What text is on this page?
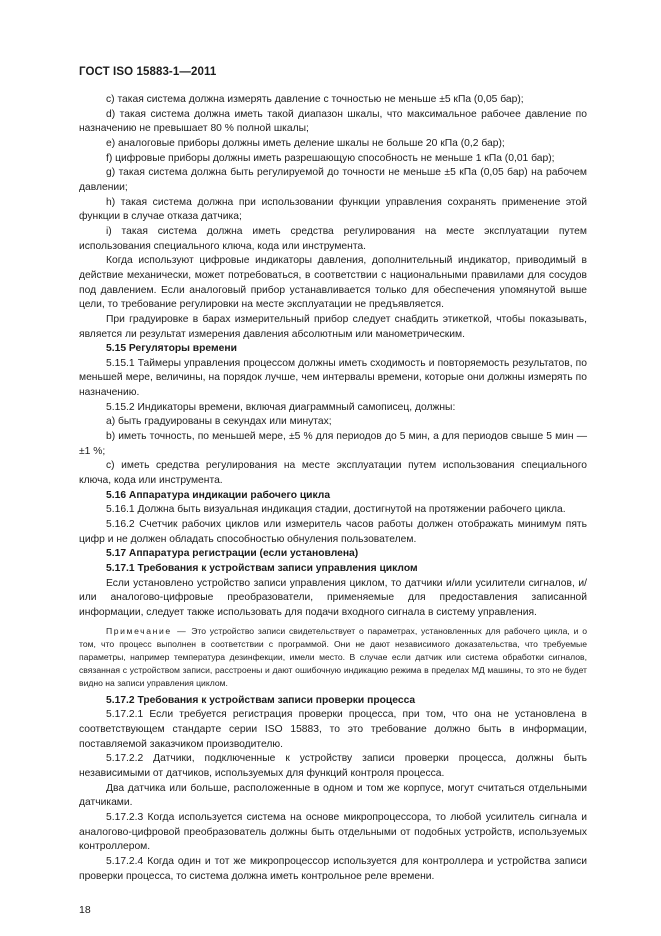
ГОСТ ISO 15883-1—2011

c) такая система должна измерять давление с точностью не меньше ±5 кПа (0,05 бар);

d) такая система должна иметь такой диапазон шкалы, что максимальное рабочее давление по назначению не превышает 80 % полной шкалы;

e) аналоговые приборы должны иметь деление шкалы не больше 20 кПа (0,2 бар);

f) цифровые приборы должны иметь разрешающую способность не меньше 1 кПа (0,01 бар);

g) такая система должна быть регулируемой до точности не меньше ±5 кПа (0,05 бар) на рабочем давлении;

h) такая система должна при использовании функции управления сохранять применение этой функции в случае отказа датчика;

i) такая система должна иметь средства регулирования на месте эксплуатации путем использования специального ключа, кода или инструмента.

Когда используют цифровые индикаторы давления, дополнительный индикатор, приводимый в действие механически, может потребоваться, в соответствии с национальными правилами для сосудов под давлением. Если аналоговый прибор устанавливается только для обеспечения упомянутой выше цели, то требование регулировки на месте эксплуатации не предъявляется.

При градуировке в барах измерительный прибор следует снабдить этикеткой, чтобы показывать, является ли результат измерения давления абсолютным или манометрическим.

5.15 Регуляторы времени

5.15.1 Таймеры управления процессом должны иметь сходимость и повторяемость результатов, по меньшей мере, величины, на порядок лучше, чем интервалы времени, которые они должны измерять по назначению.

5.15.2 Индикаторы времени, включая диаграммный самописец, должны:

a) быть градуированы в секундах или минутах;

b) иметь точность, по меньшей мере, ±5 % для периодов до 5 мин, а для периодов свыше 5 мин — ±1 %;

c) иметь средства регулирования на месте эксплуатации путем использования специального ключа, кода или инструмента.

5.16 Аппаратура индикации рабочего цикла

5.16.1 Должна быть визуальная индикация стадии, достигнутой на протяжении рабочего цикла.

5.16.2 Счетчик рабочих циклов или измеритель часов работы должен отображать минимум пять цифр и не должен обладать способностью обнуления пользователем.

5.17 Аппаратура регистрации (если установлена)

5.17.1 Требования к устройствам записи управления циклом

Если установлено устройство записи управления циклом, то датчики и/или усилители сигналов, и/или аналогово-цифровые преобразователи, применяемые для предоставления записанной информации, следует также использовать для подачи входного сигнала в систему управления.

Примечание — Это устройство записи свидетельствует о параметрах, установленных для рабочего цикла, и о том, что процесс выполнен в соответствии с программой. Они не дают независимого доказательства, что требуемые параметры, например температура дезинфекции, имели место. В случае если датчик или система обработки сигналов, связанная с устройством записи, расстроены и дают ошибочную индикацию режима в пределах МД машины, то это не будет видно на записи управления циклом.

5.17.2 Требования к устройствам записи проверки процесса

5.17.2.1 Если требуется регистрация проверки процесса, при том, что она не установлена в соответствующем стандарте серии ISO 15883, то это требование должно быть в информации, поставляемой заказчиком производителю.

5.17.2.2 Датчики, подключенные к устройству записи проверки процесса, должны быть независимыми от датчиков, используемых для функций контроля процесса.

Два датчика или больше, расположенные в одном и том же корпусе, могут считаться отдельными датчиками.

5.17.2.3 Когда используется система на основе микропроцессора, то любой усилитель сигнала и аналогово-цифровой преобразователь должны быть отдельными от подобных устройств, используемых контроллером.

5.17.2.4 Когда один и тот же микропроцессор используется для контроллера и устройства записи проверки процесса, то система должна иметь контрольное реле времени.

18
